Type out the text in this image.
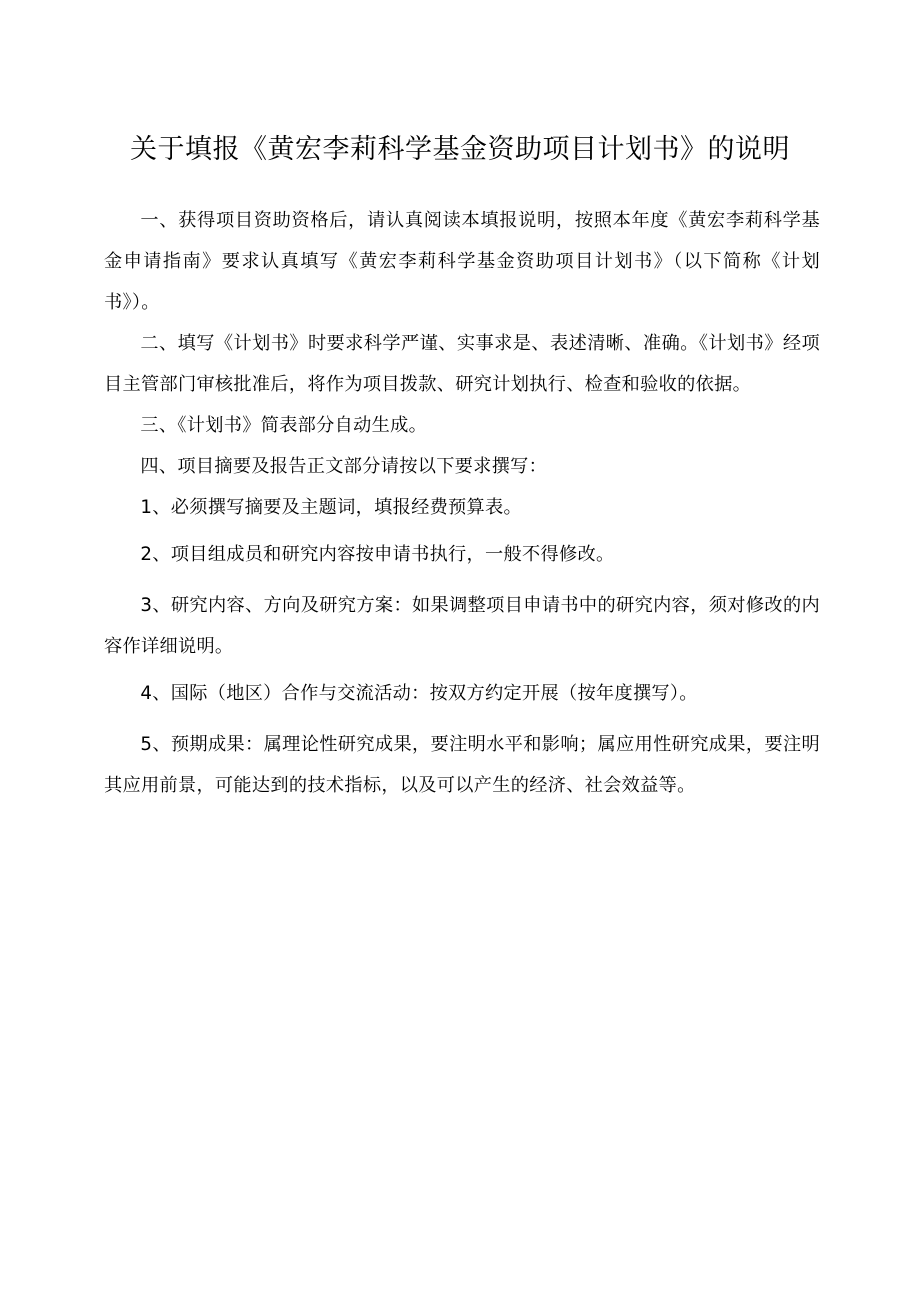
关于填报《黄宏李莉科学基金资助项目计划书》的说明

一、获得项目资助资格后，请认真阅读本填报说明，按照本年度《黄宏李莉科学基金申请指南》要求认真填写《黄宏李莉科学基金资助项目计划书》（以下简称《计划书》）。

二、填写《计划书》时要求科学严谨、实事求是、表述清晰、准确。《计划书》经项目主管部门审核批准后，将作为项目拨款、研究计划执行、检查和验收的依据。

三、《计划书》简表部分自动生成。

四、项目摘要及报告正文部分请按以下要求撰写：

1、必须撰写摘要及主题词，填报经费预算表。

2、项目组成员和研究内容按申请书执行，一般不得修改。

3、研究内容、方向及研究方案：如果调整项目申请书中的研究内容，须对修改的内容作详细说明。

4、国际（地区）合作与交流活动：按双方约定开展（按年度撰写）。

5、预期成果：属理论性研究成果，要注明水平和影响；属应用性研究成果，要注明其应用前景，可能达到的技术指标，以及可以产生的经济、社会效益等。
